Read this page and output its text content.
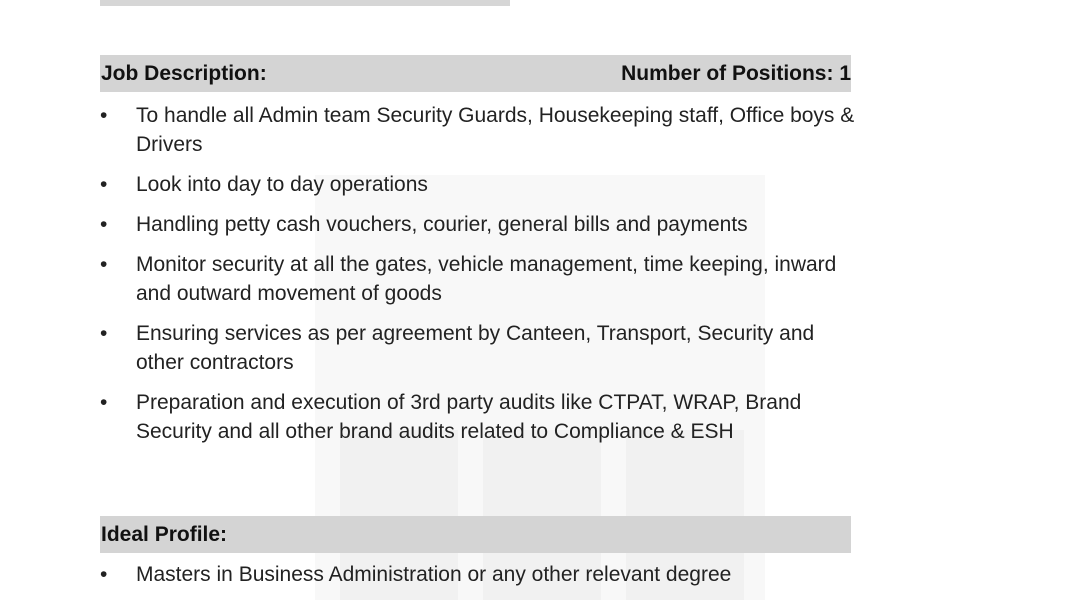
Job Description:	Number of Positions: 1
• To handle all Admin team Security Guards, Housekeeping staff, Office boys & Drivers
• Look into day to day operations
• Handling petty cash vouchers, courier, general bills and payments
• Monitor security at all the gates, vehicle management, time keeping, inward and outward movement of goods
• Ensuring services as per agreement by Canteen, Transport, Security and other contractors
• Preparation and execution of 3rd party audits like CTPAT, WRAP, Brand Security and all other brand audits related to Compliance & ESH
Ideal Profile:
• Masters in Business Administration or any other relevant degree
